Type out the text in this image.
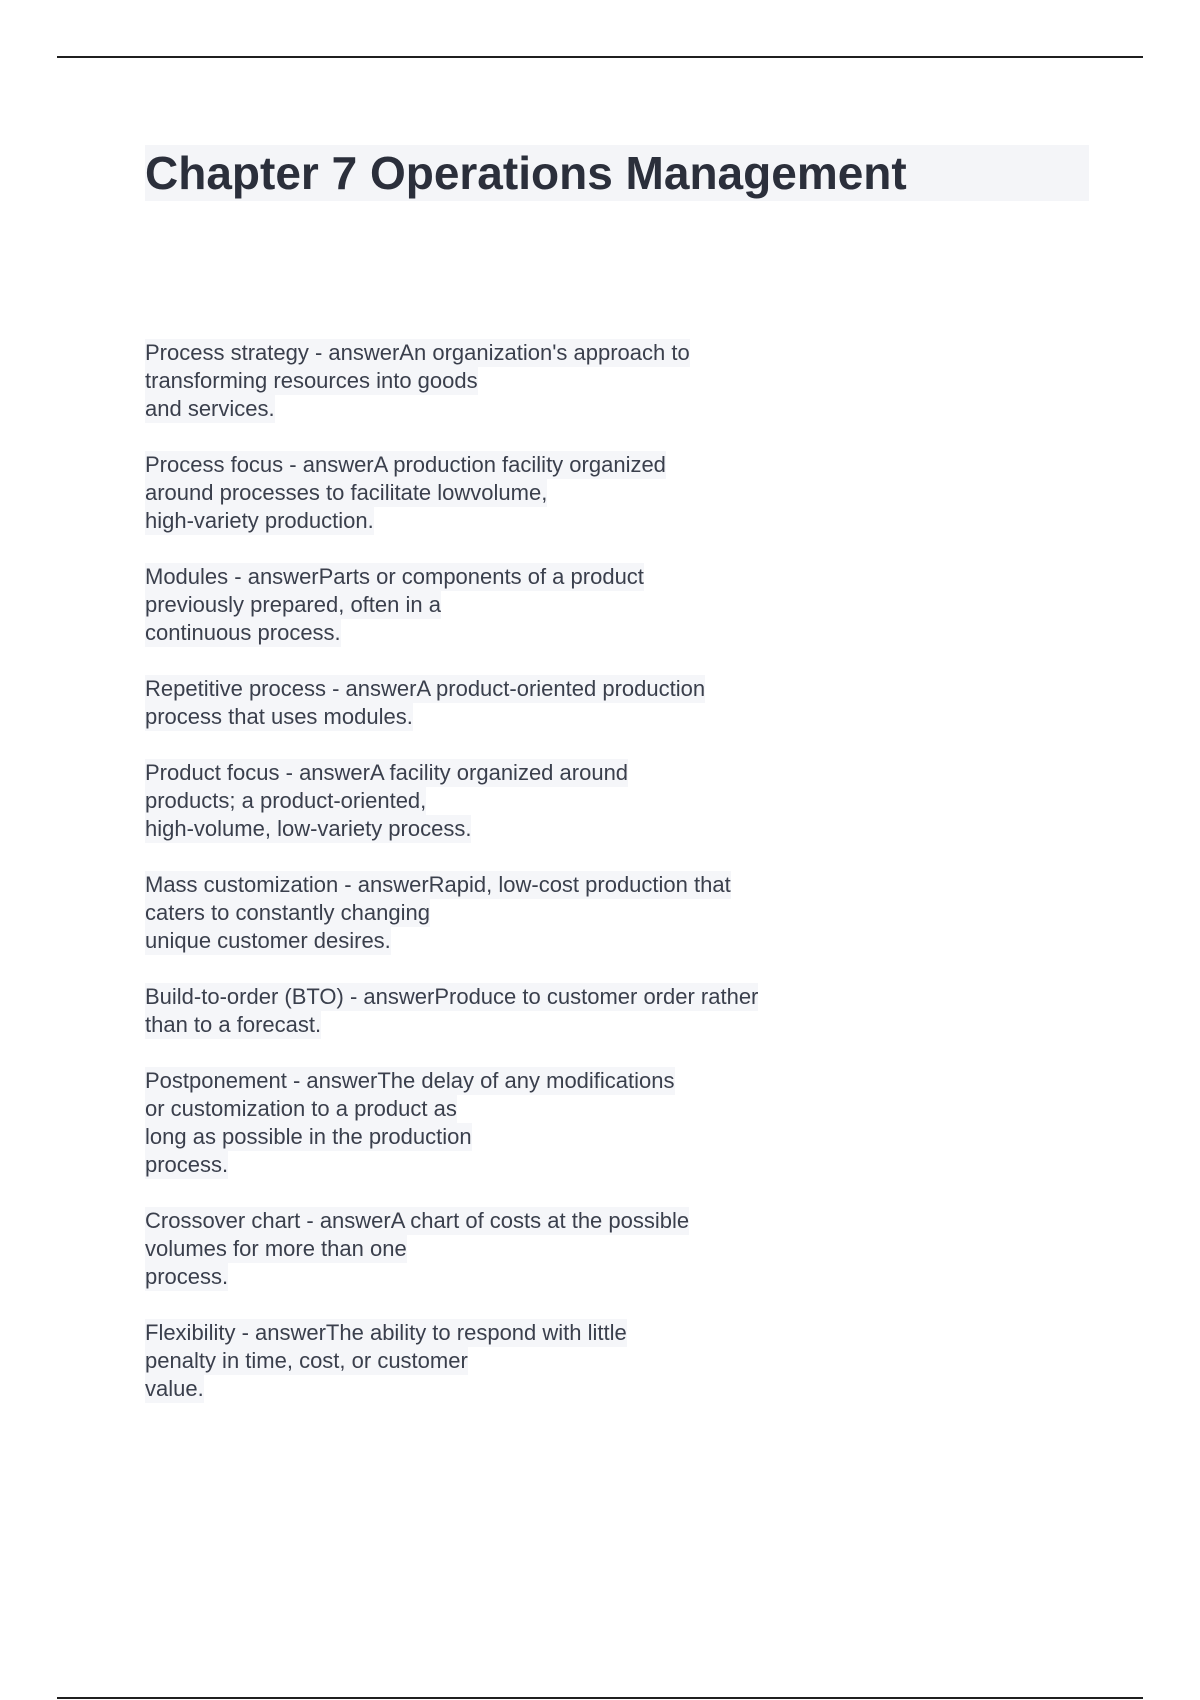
Chapter 7 Operations Management
Process strategy - answerAn organization's approach to
transforming resources into goods
and services.
Process focus - answerA production facility organized
around processes to facilitate lowvolume,
high-variety production.
Modules - answerParts or components of a product
previously prepared, often in a
continuous process.
Repetitive process - answerA product-oriented production
process that uses modules.
Product focus - answerA facility organized around
products; a product-oriented,
high-volume, low-variety process.
Mass customization - answerRapid, low-cost production that
caters to constantly changing
unique customer desires.
Build-to-order (BTO) - answerProduce to customer order rather
than to a forecast.
Postponement - answerThe delay of any modifications
or customization to a product as
long as possible in the production
process.
Crossover chart - answerA chart of costs at the possible
volumes for more than one
process.
Flexibility - answerThe ability to respond with little
penalty in time, cost, or customer
value.
